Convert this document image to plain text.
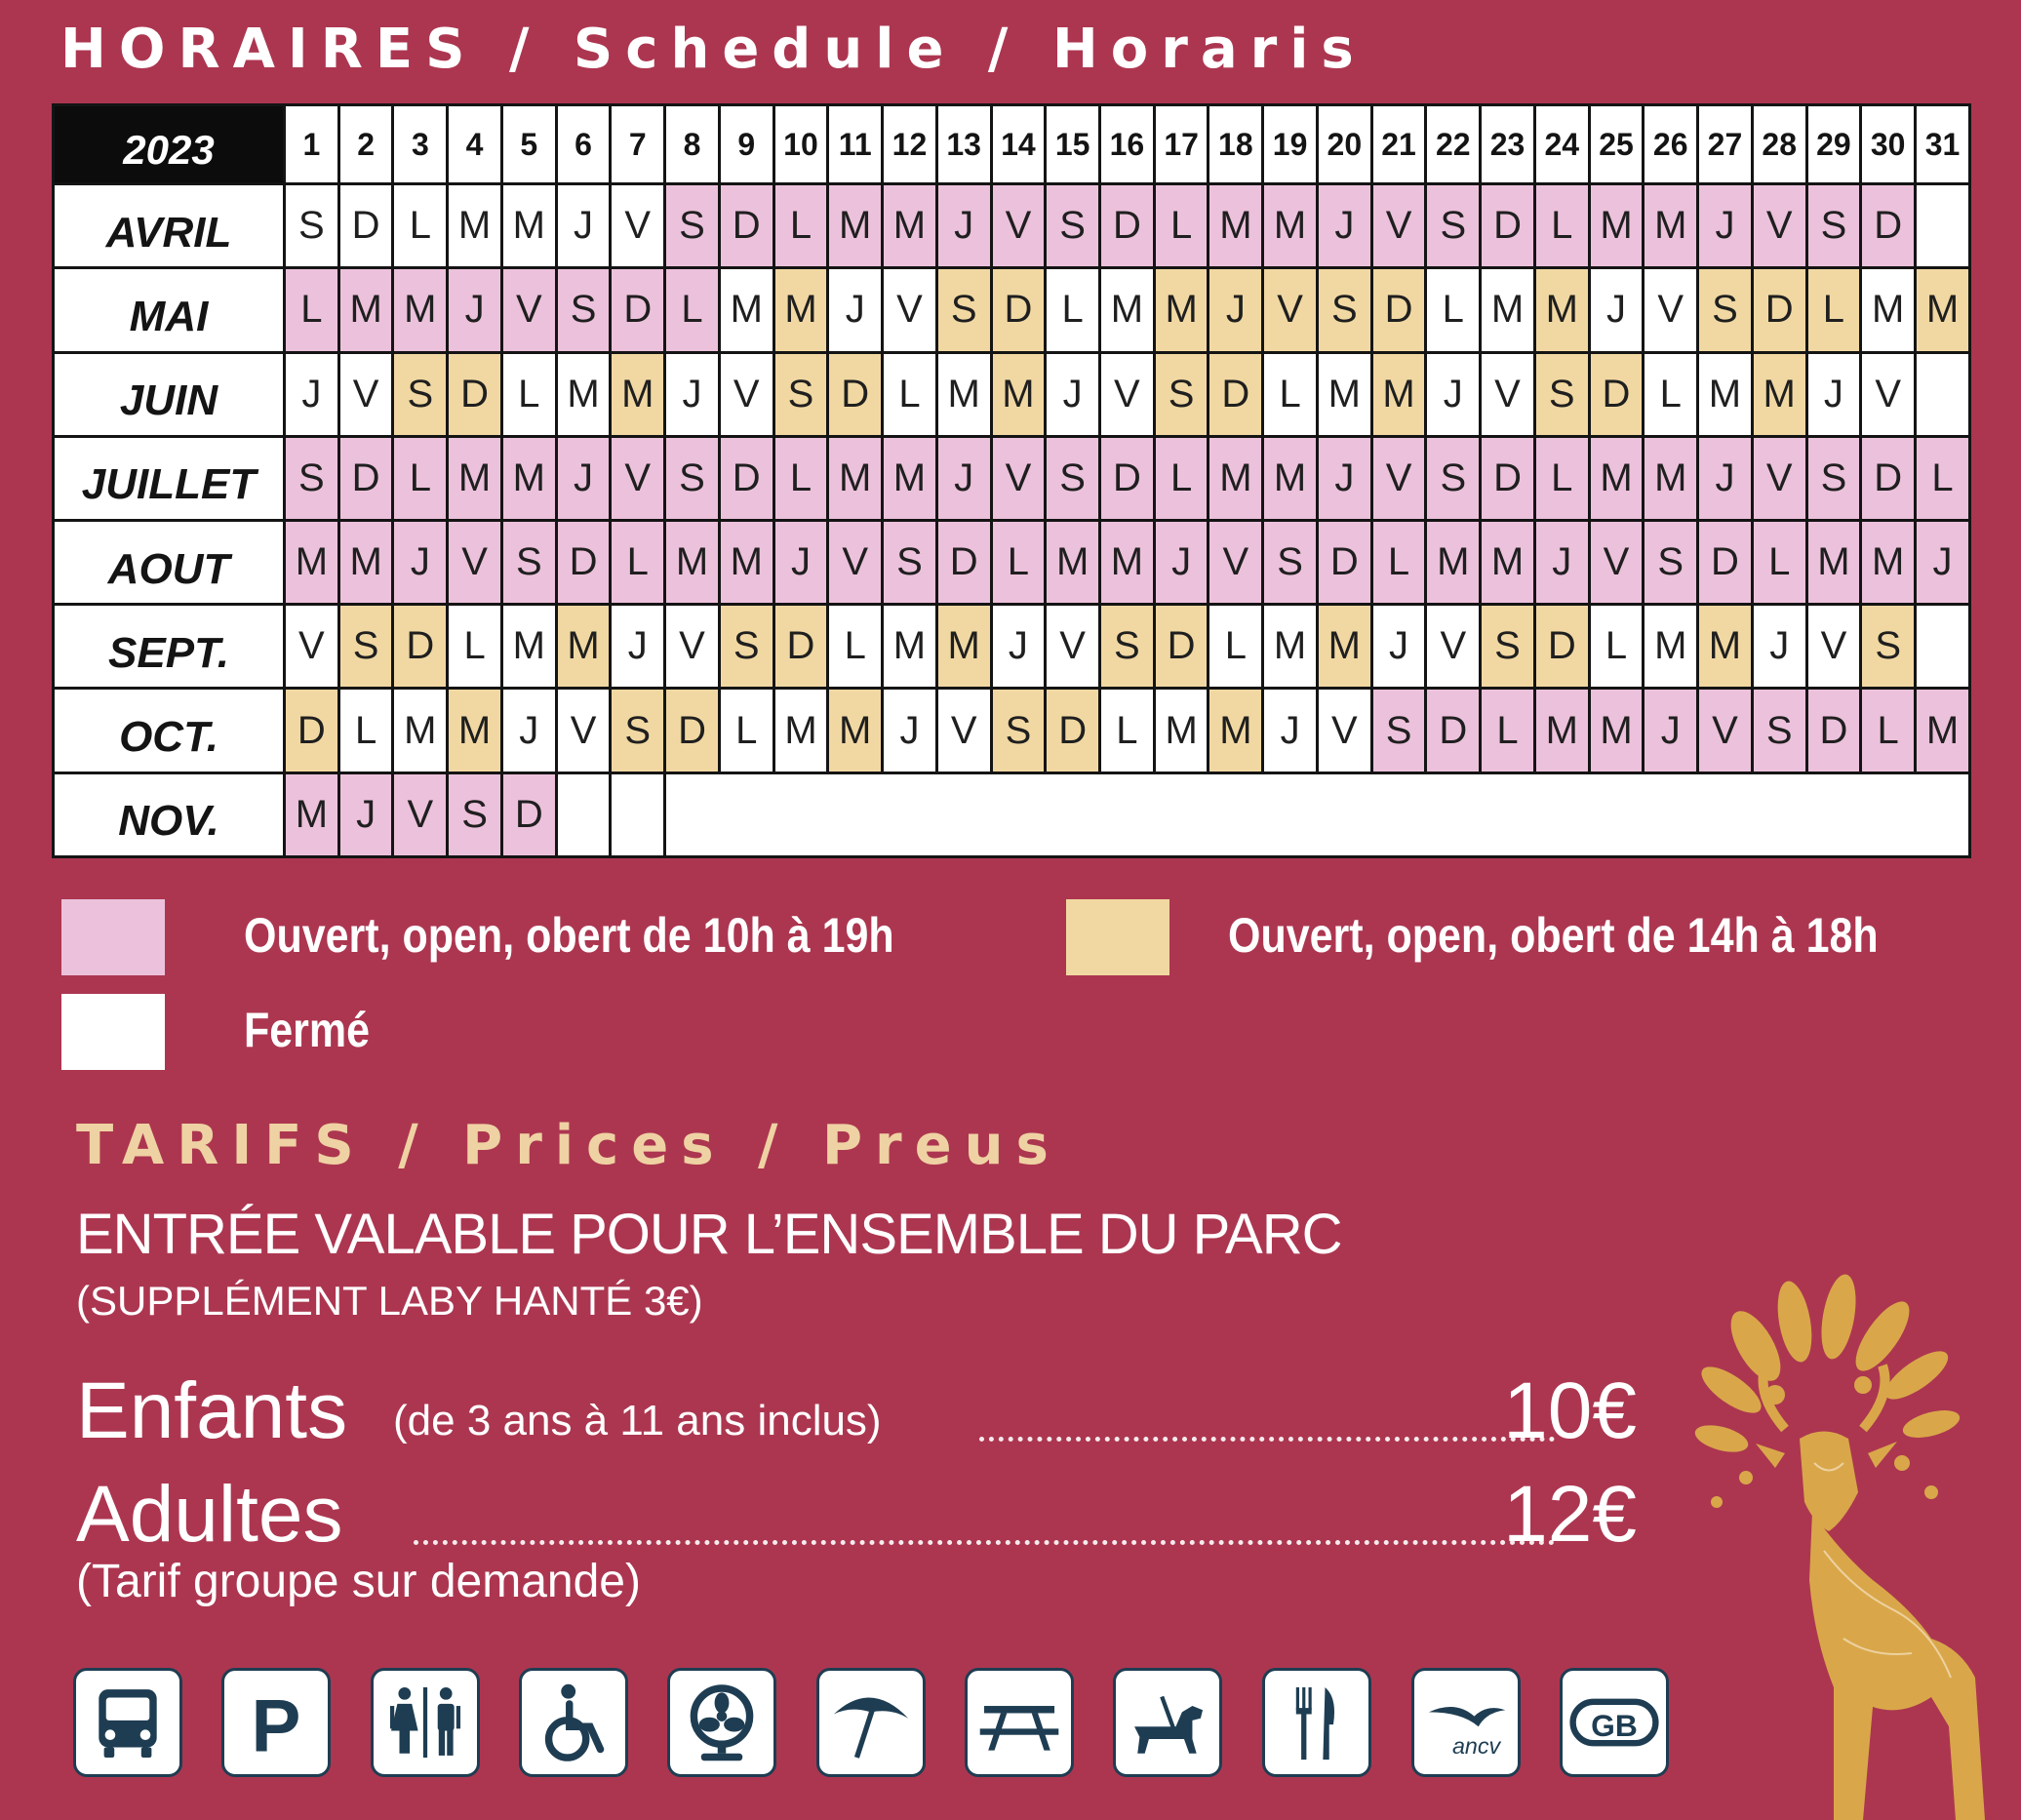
HORAIRES / Schedule / Horaris
2023	1	2	3	4	5	6	7	8	9	10	11	12	13	14	15	16	17	18	19	20	21	22	23	24	25	26	27	28	29	30	31
AVRIL	S	D	L	M	M	J	V	S	D	L	M	M	J	V	S	D	L	M	M	J	V	S	D	L	M	M	J	V	S	D	
MAI	L	M	M	J	V	S	D	L	M	M	J	V	S	D	L	M	M	J	V	S	D	L	M	M	J	V	S	D	L	M	M
JUIN	J	V	S	D	L	M	M	J	V	S	D	L	M	M	J	V	S	D	L	M	M	J	V	S	D	L	M	M	J	V	
JUILLET	S	D	L	M	M	J	V	S	D	L	M	M	J	V	S	D	L	M	M	J	V	S	D	L	M	M	J	V	S	D	L
AOUT	M	M	J	V	S	D	L	M	M	J	V	S	D	L	M	M	J	V	S	D	L	M	M	J	V	S	D	L	M	M	J
SEPT.	V	S	D	L	M	M	J	V	S	D	L	M	M	J	V	S	D	L	M	M	J	V	S	D	L	M	M	J	V	S	
OCT.	D	L	M	M	J	V	S	D	L	M	M	J	V	S	D	L	M	M	J	V	S	D	L	M	M	J	V	S	D	L	M
NOV.	M	J	V	S	D																										
Ouvert, open, obert de 10h à 19h	Ouvert, open, obert de 14h à 18h
Fermé
TARIFS / Prices / Preus
ENTRÉE VALABLE POUR L’ENSEMBLE DU PARC
(SUPPLÉMENT LABY HANTÉ 3€)
Enfants (de 3 ans à 11 ans inclus)	10€
Adultes	12€
(Tarif groupe sur demande)
P	ancv
GB
